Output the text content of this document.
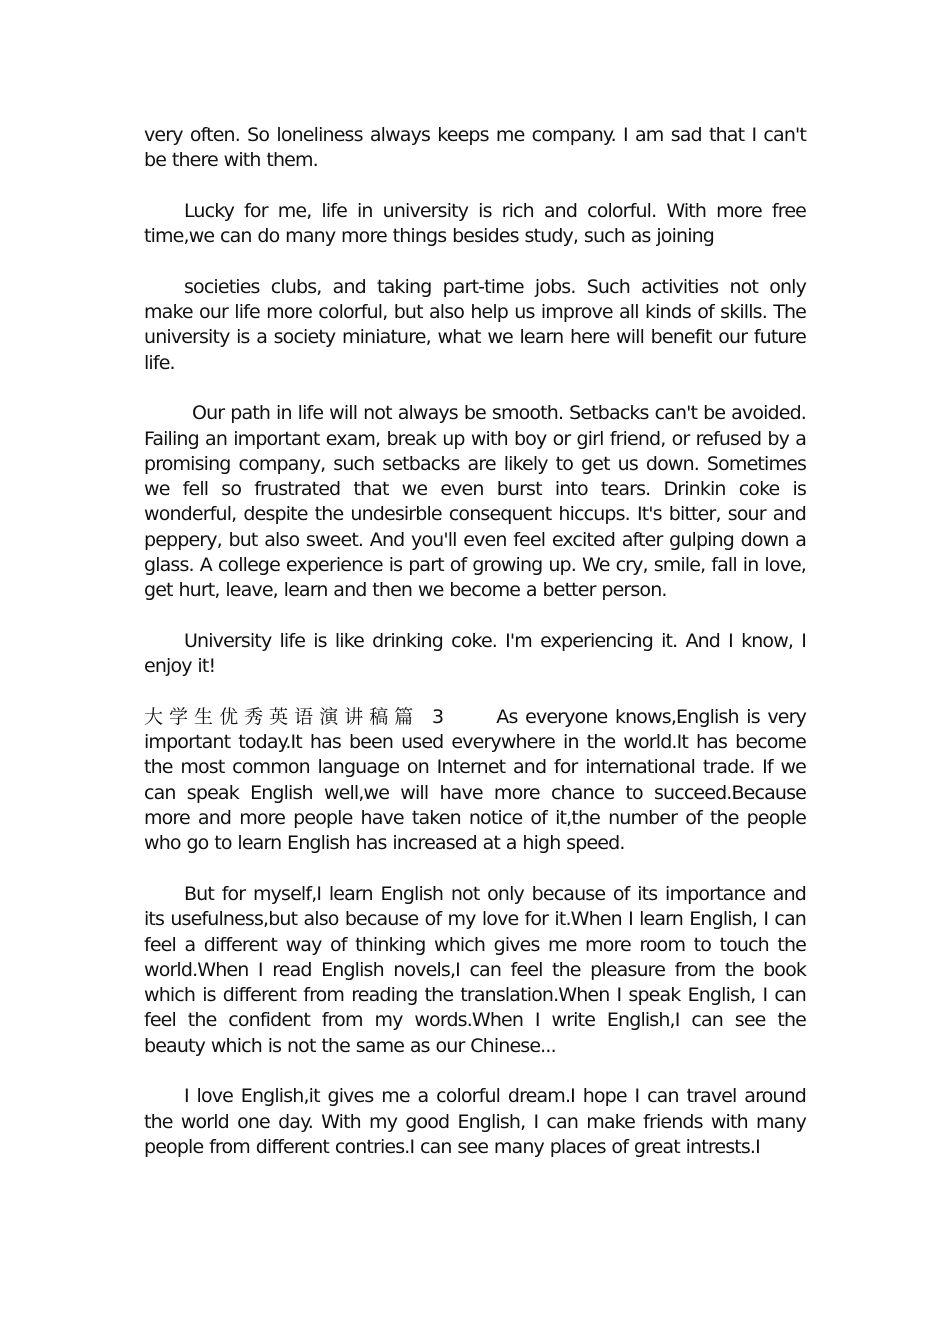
very often. So loneliness always keeps me company. I am sad that I can't be there with them.

Lucky for me, life in university is rich and colorful. With more free time,we can do many more things besides study, such as joining

societies clubs, and taking part-time jobs. Such activities not only make our life more colorful, but also help us improve all kinds of skills. The university is a society miniature, what we learn here will benefit our future life.

Our path in life will not always be smooth. Setbacks can't be avoided. Failing an important exam, break up with boy or girl friend, or refused by a promising company, such setbacks are likely to get us down. Sometimes we fell so frustrated that we even burst into tears. Drinkin coke is wonderful, despite the undesirble consequent hiccups. It's bitter, sour and peppery, but also sweet. And you'll even feel excited after gulping down a glass. A college experience is part of growing up. We cry, smile, fall in love, get hurt, leave, learn and then we become a better person.

University life is like drinking coke. I'm experiencing it. And I know, I enjoy it!

大学生优秀英语演讲稿篇 3	As everyone knows,English is very important today.It has been used everywhere in the world.It has become the most common language on Internet and for international trade. If we can speak English well,we will have more chance to succeed.Because more and more people have taken notice of it,the number of the people who go to learn English has increased at a high speed.

But for myself,I learn English not only because of its importance and its usefulness,but also because of my love for it.When I learn English, I can feel a different way of thinking which gives me more room to touch the world.When I read English novels,I can feel the pleasure from the book which is different from reading the translation.When I speak English, I can feel the confident from my words.When I write English,I can see the beauty which is not the same as our Chinese...

I love English,it gives me a colorful dream.I hope I can travel around the world one day. With my good English, I can make friends with many people from different contries.I can see many places of great intrests.I
